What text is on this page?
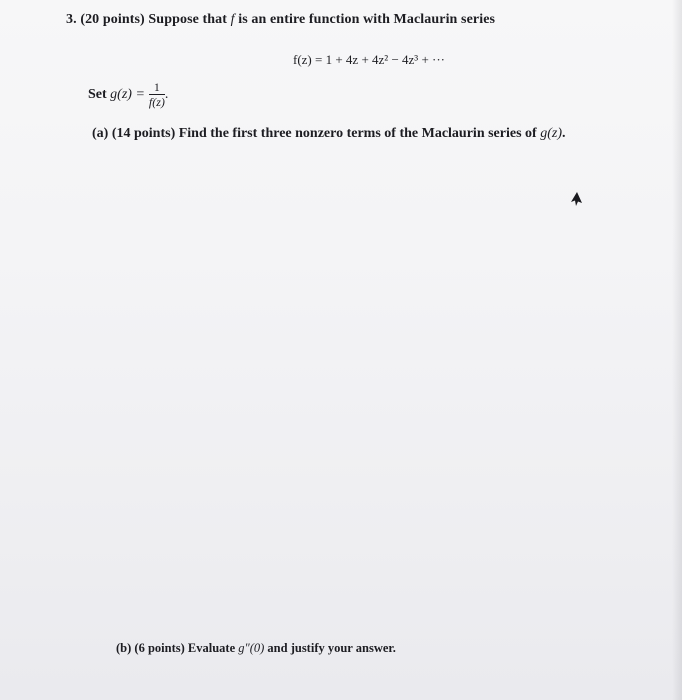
3. (20 points) Suppose that f is an entire function with Maclaurin series
f(z) = 1 + 4z + 4z² − 4z³ + ···
Set $g(z) = \frac{1}{f(z)}$ .
(a) (14 points) Find the first three nonzero terms of the Maclaurin series of g(z).
(b) (6 points) Evaluate g″(0) and justify your answer.
